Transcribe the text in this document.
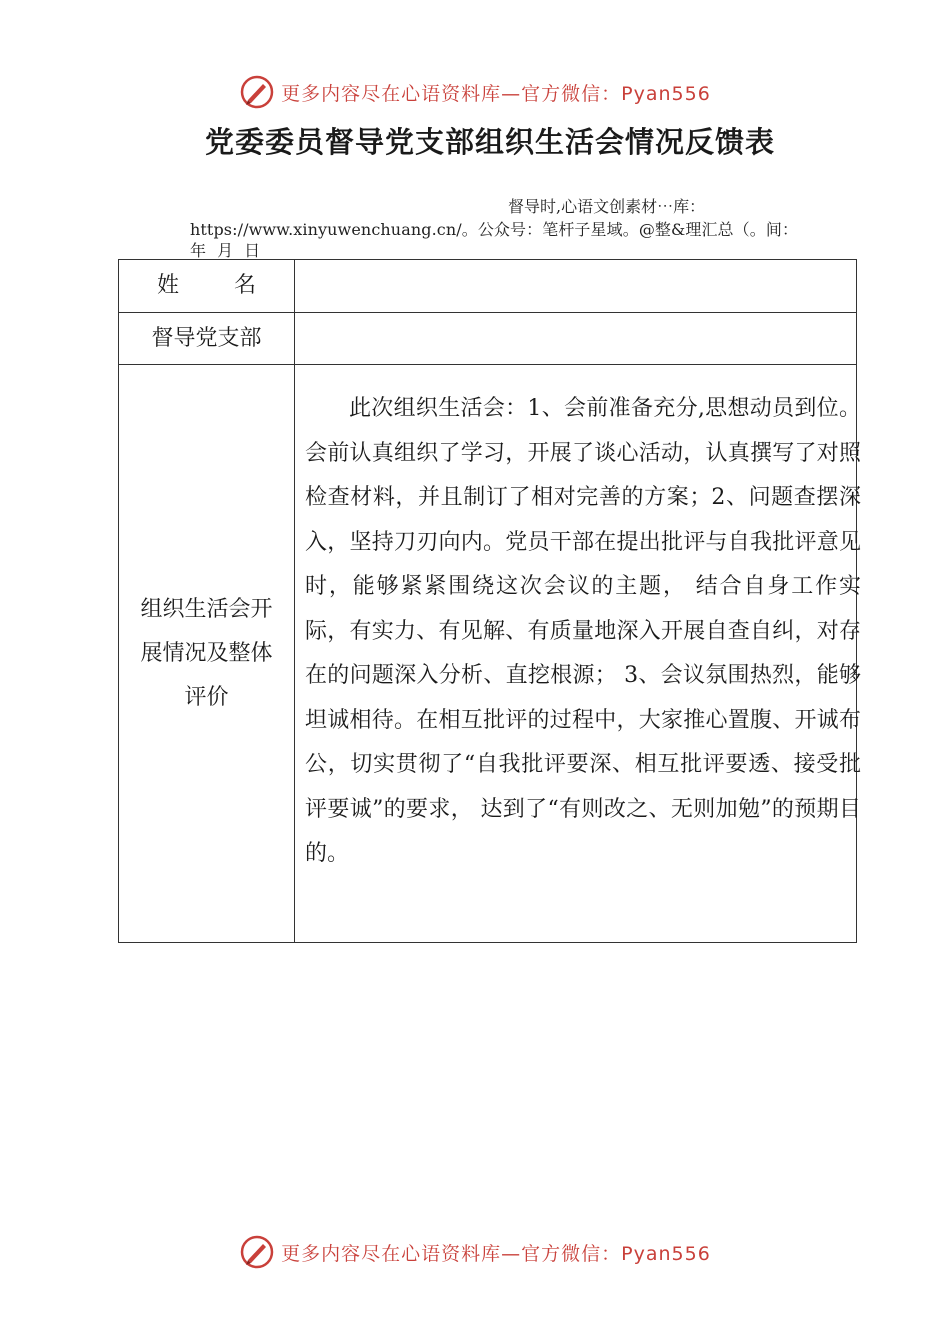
更多内容尽在心语资料库—官方微信：Pyan556
党委委员督导党支部组织生活会情况反馈表
督导时,心语文创素材⋯库：
https://www.xinyuwenchuang.cn/。公众号：笔杆子星域。@整&理汇总（。间：
年 月 日
姓 名	
督导党支部	

组织生活会开展情况及整体评价	此次组织生活会：1、会前准备充分,思想动员到位。会前认真组织了学习，开展了谈心活动，认真撰写了对照检查材料，并且制订了相对完善的方案；2、问题查摆深入，坚持刀刃向内。党员干部在提出批评与自我批评意见时，能够紧紧围绕这次会议的主题， 结合自身工作实际，有实力、有见解、有质量地深入开展自查自纠，对存在的问题深入分析、直挖根源； 3、会议氛围热烈，能够坦诚相待。在相互批评的过程中，大家推心置腹、开诚布公，切实贯彻了“自我批评要深、相互批评要透、接受批评要诚”的要求， 达到了“有则改之、无则加勉”的预期目的。
更多内容尽在心语资料库—官方微信：Pyan556
